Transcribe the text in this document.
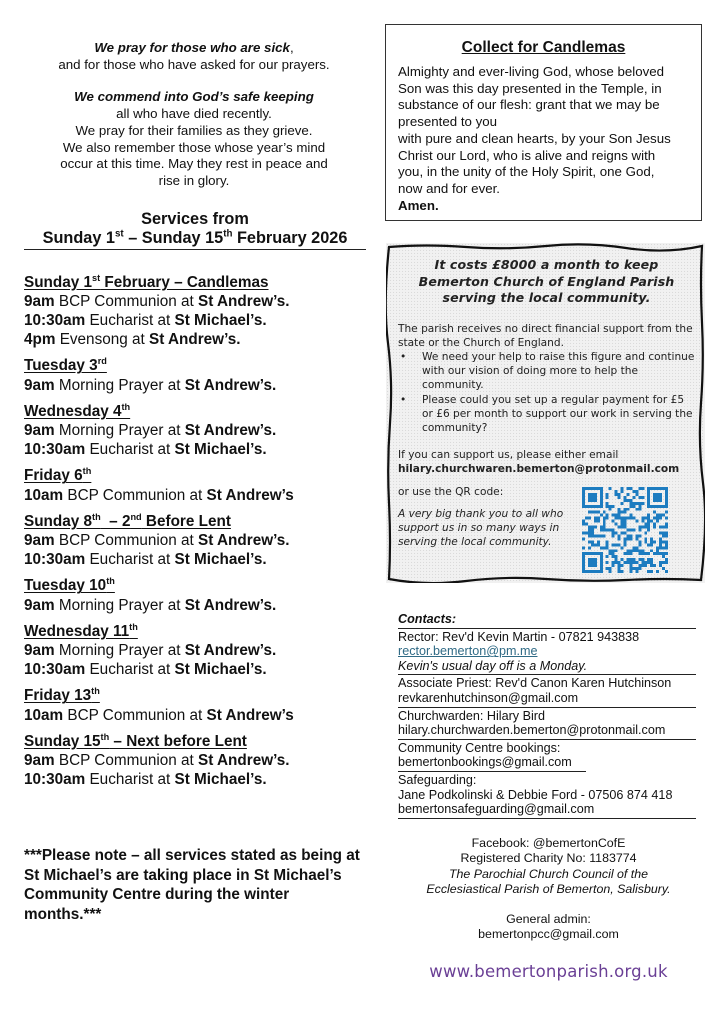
We pray for those who are sick,
and for those who have asked for our prayers.

We commend into God’s safe keeping
all who have died recently.
We pray for their families as they grieve.
We also remember those whose year’s mind
occur at this time. May they rest in peace and
rise in glory.

Services from
Sunday 1st – Sunday 15th February 2026
Sunday 1st February – Candlemas
9am BCP Communion at St Andrew’s.
10:30am Eucharist at St Michael’s.
4pm Evensong at St Andrew’s.
Tuesday 3rd
9am Morning Prayer at St Andrew’s.
Wednesday 4th
9am Morning Prayer at St Andrew’s.
10:30am Eucharist at St Michael’s.
Friday 6th
10am BCP Communion at St Andrew’s
Sunday 8th  – 2nd Before Lent
9am BCP Communion at St Andrew’s.
10:30am Eucharist at St Michael’s.
Tuesday 10th
9am Morning Prayer at St Andrew’s.
Wednesday 11th
9am Morning Prayer at St Andrew’s.
10:30am Eucharist at St Michael’s.
Friday 13th
10am BCP Communion at St Andrew’s
Sunday 15th – Next before Lent
9am BCP Communion at St Andrew’s.
10:30am Eucharist at St Michael’s.
***Please note – all services stated as being at St Michael’s are taking place in St Michael’s Community Centre during the winter months.***
Collect for Candlemas
Almighty and ever-living God, whose beloved
Son was this day presented in the Temple, in
substance of our flesh: grant that we may be
presented to you
with pure and clean hearts, by your Son Jesus
Christ our Lord, who is alive and reigns with
you, in the unity of the Holy Spirit, one God,
now and for ever.
Amen.
It costs £8000 a month to keep Bemerton Church of England Parish serving the local community.
The parish receives no direct financial support from the state or the Church of England.
• We need your help to raise this figure and continue with our vision of doing more to help the community.
• Please could you set up a regular payment for £5 or £6 per month to support our work in serving the community?
If you can support us, please either email
hilary.churchwaren.bemerton@protonmail.com
or use the QR code:
A very big thank you to all who support us in so many ways in serving the local community.
Contacts:
Rector: Rev'd Kevin Martin - 07821 943838
rector.bemerton@pm.me
Kevin's usual day off is a Monday.
Associate Priest: Rev'd Canon Karen Hutchinson
revkarenhutchinson@gmail.com
Churchwarden: Hilary Bird
hilary.churchwarden.bemerton@protonmail.com
Community Centre bookings:
bemertonbookings@gmail.com
Safeguarding:
Jane Podkolinski & Debbie Ford - 07506 874 418
bemertonsafeguarding@gmail.com
Facebook: @bemertonCofE
Registered Charity No: 1183774
The Parochial Church Council of the
Ecclesiastical Parish of Bemerton, Salisbury.
General admin:
bemertonpcc@gmail.com
www.bemertonparish.org.uk
